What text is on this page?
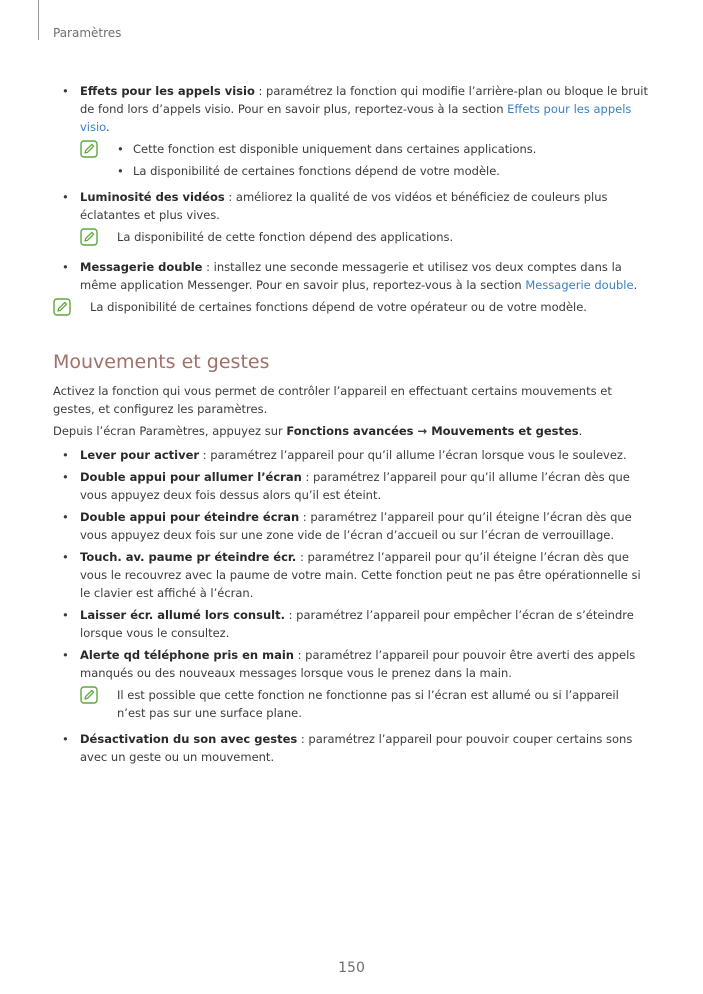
Paramètres
• Effets pour les appels visio : paramétrez la fonction qui modifie l’arrière-plan ou bloque le bruit de fond lors d’appels visio. Pour en savoir plus, reportez-vous à la section Effets pour les appels visio.
• Cette fonction est disponible uniquement dans certaines applications.
• La disponibilité de certaines fonctions dépend de votre modèle.
• Luminosité des vidéos : améliorez la qualité de vos vidéos et bénéficiez de couleurs plus éclatantes et plus vives.
La disponibilité de cette fonction dépend des applications.
• Messagerie double : installez une seconde messagerie et utilisez vos deux comptes dans la même application Messenger. Pour en savoir plus, reportez-vous à la section Messagerie double.
La disponibilité de certaines fonctions dépend de votre opérateur ou de votre modèle.
Mouvements et gestes

Activez la fonction qui vous permet de contrôler l’appareil en effectuant certains mouvements et gestes, et configurez les paramètres.

Depuis l’écran Paramètres, appuyez sur Fonctions avancées → Mouvements et gestes.

• Lever pour activer : paramétrez l’appareil pour qu’il allume l’écran lorsque vous le soulevez.
• Double appui pour allumer l’écran : paramétrez l’appareil pour qu’il allume l’écran dès que vous appuyez deux fois dessus alors qu’il est éteint.
• Double appui pour éteindre écran : paramétrez l’appareil pour qu’il éteigne l’écran dès que vous appuyez deux fois sur une zone vide de l’écran d’accueil ou sur l’écran de verrouillage.
• Touch. av. paume pr éteindre écr. : paramétrez l’appareil pour qu’il éteigne l’écran dès que vous le recouvrez avec la paume de votre main. Cette fonction peut ne pas être opérationnelle si le clavier est affiché à l’écran.
• Laisser écr. allumé lors consult. : paramétrez l’appareil pour empêcher l’écran de s’éteindre lorsque vous le consultez.
• Alerte qd téléphone pris en main : paramétrez l’appareil pour pouvoir être averti des appels manqués ou des nouveaux messages lorsque vous le prenez dans la main.
Il est possible que cette fonction ne fonctionne pas si l’écran est allumé ou si l’appareil n’est pas sur une surface plane.
• Désactivation du son avec gestes : paramétrez l’appareil pour pouvoir couper certains sons avec un geste ou un mouvement.
150
